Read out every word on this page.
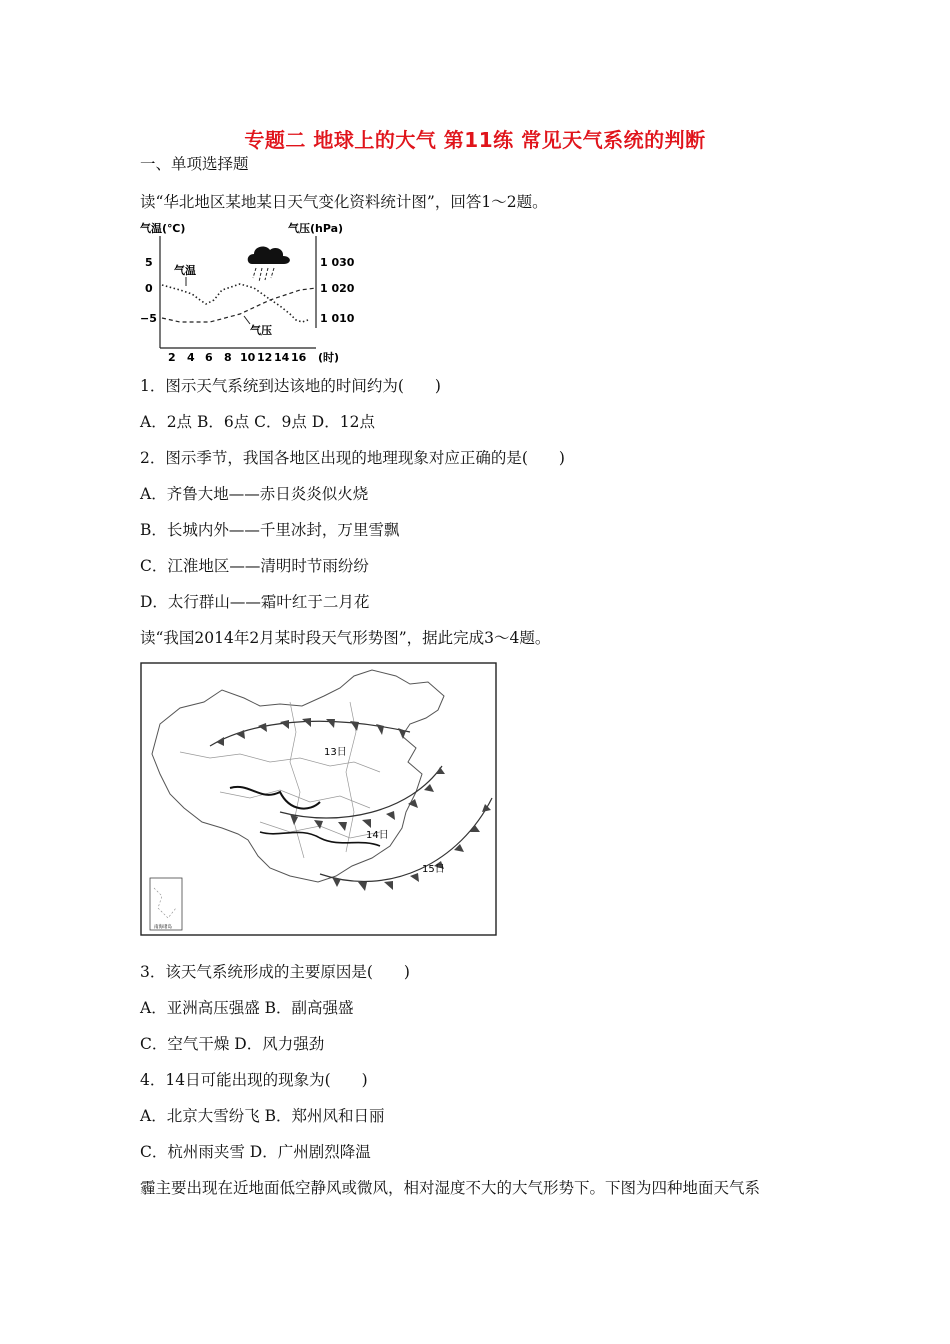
专题二 地球上的大气 第11练 常见天气系统的判断
一、单项选择题
读“华北地区某地某日天气变化资料统计图”，回答1～2题。
气温(℃)	气压(hPa)
5
0
−5
1 030
1 020
1 010
2 4 6 8 10 12 14 16 (时)
气温
气压
1．图示天气系统到达该地的时间约为(　　)
A．2点 B．6点 C．9点 D．12点
2．图示季节，我国各地区出现的地理现象对应正确的是(　　)
A．齐鲁大地——赤日炎炎似火烧
B．长城内外——千里冰封，万里雪飘
C．江淮地区——清明时节雨纷纷
D．太行群山——霜叶红于二月花
读“我国2014年2月某时段天气形势图”，据此完成3～4题。
13日
14日
15日
南海诸岛
3．该天气系统形成的主要原因是(　　)
A．亚洲高压强盛 B．副高强盛
C．空气干燥 D．风力强劲
4．14日可能出现的现象为(　　)
A．北京大雪纷飞 B．郑州风和日丽
C．杭州雨夹雪 D．广州剧烈降温
霾主要出现在近地面低空静风或微风，相对湿度不大的大气形势下。下图为四种地面天气系
